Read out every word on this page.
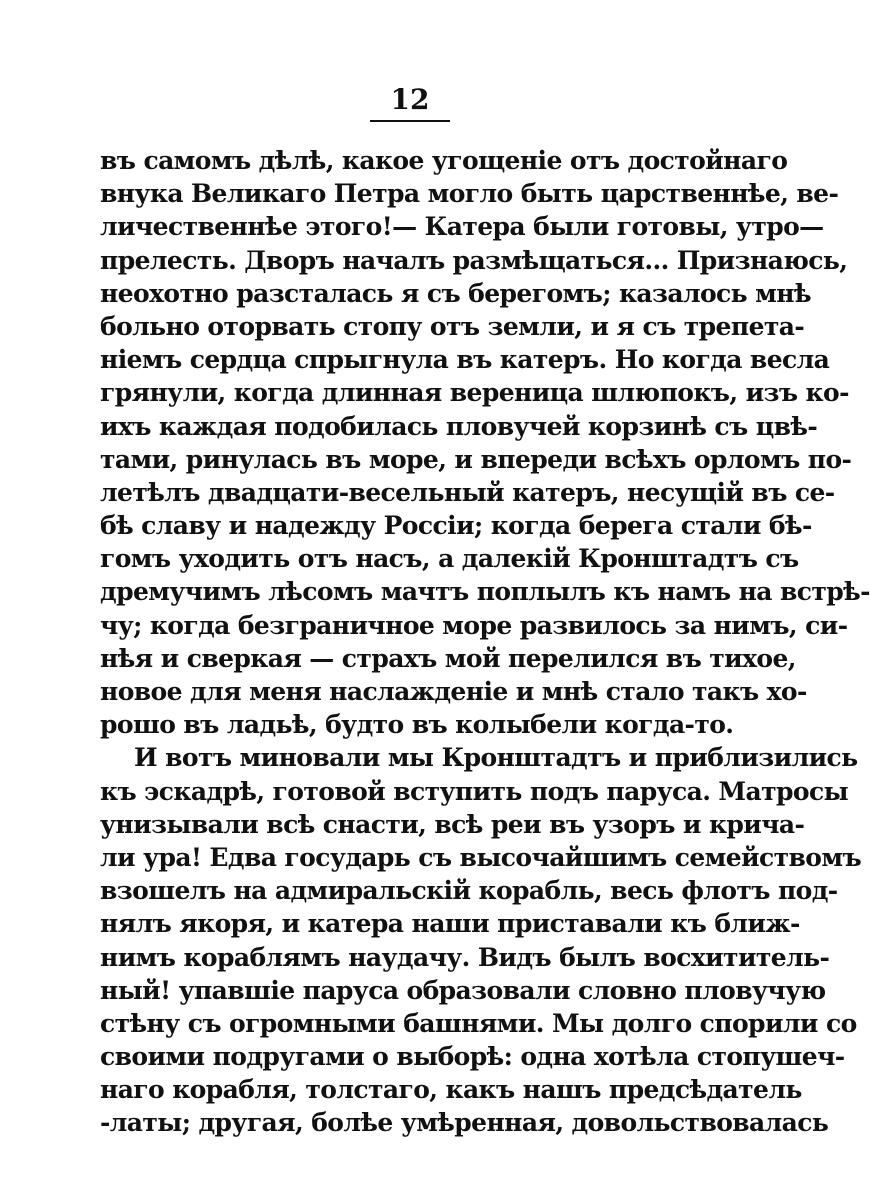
12
въ самомъ дѣлѣ, какое угощеніе отъ достойнаго
внука Великаго Петра могло быть царственнѣе, ве-
личественнѣе этого!— Катера были готовы, утро—
прелесть. Дворъ началъ размѣщаться... Признаюсь,
неохотно разсталась я съ берегомъ; казалось мнѣ
больно оторвать стопу отъ земли, и я съ трепета-
ніемъ сердца спрыгнула въ катеръ. Но когда весла
грянули, когда длинная вереница шлюпокъ, изъ ко-
ихъ каждая подобилась пловучей корзинѣ съ цвѣ-
тами, ринулась въ море, и впереди всѣхъ орломъ по-
летѣлъ двадцати-весельный катеръ, несущій въ се-
бѣ славу и надежду Россіи; когда берега стали бѣ-
гомъ уходить отъ насъ, а далекій Кронштадтъ съ
дремучимъ лѣсомъ мачтъ поплылъ къ намъ на встрѣ-
чу; когда безграничное море развилось за нимъ, си-
нѣя и сверкая — страхъ мой перелился въ тихое,
новое для меня наслажденіе и мнѣ стало такъ хо-
рошо въ ладьѣ, будто въ колыбели когда-то.
И вотъ миновали мы Кронштадтъ и приблизились
къ эскадрѣ, готовой вступить подъ паруса. Матросы
унизывали всѣ снасти, всѣ реи въ узоръ и крича-
ли ура! Едва государь съ высочайшимъ семействомъ
взошелъ на адмиральскій корабль, весь флотъ под-
нялъ якоря, и катера наши приставали къ ближ-
нимъ кораблямъ наудачу. Видъ былъ восхититель-
ный! упавшіе паруса образовали словно пловучую
стѣну съ огромными башнями. Мы долго спорили со
своими подругами о выборѣ: одна хотѣла стопушеч-
наго корабля, толстаго, какъ нашъ предсѣдатель
-латы; другая, болѣе умѣренная, довольствовалась
